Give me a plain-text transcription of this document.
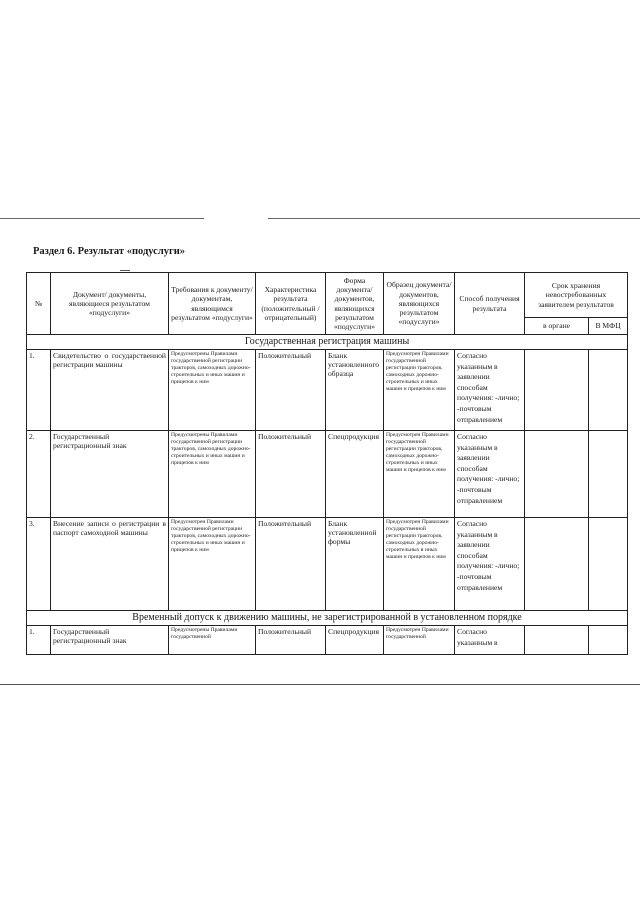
Раздел 6. Результат «подуслуги»
№	Документ/ документы, являющиеся результатом «подуслуги»	Требования к документу/ документам, являющимся результатом «подуслуги»	Характеристика результата (положительный / отрицательный)	Форма документа/ документов, являющихся результатом «подуслуги»	Образец документа/ документов, являющихся результатом «подуслуги»	Способ получения результата	Срок хранения невостребованных заявителем результатов	
							в органе	В МФЦ
Государственная регистрация машины								
1.	Свидетельство о государственной регистрации машины	Предусмотрены Правилами государственной регистрации тракторов, самоходных дорожно-строительных и иных машин и прицепов к ним	Положительный	Бланк установленного образца	Предусмотрен Правилами государственной регистрации тракторов, самоходных дорожно-строительных и иных машин и прицепов к ним	Согласно указанным в заявлении способам получения: -лично; -почтовым отправлением		
2.	Государственный регистрационный знак	Предусмотрены Правилами государственной регистрации тракторов, самоходных дорожно-строительных и иных машин и прицепов к ним	Положительный	Спецпродукция	Предусмотрен Правилами государственной регистрации тракторов, самоходных дорожно-строительных и иных машин и прицепов к ним	Согласно указанным в заявлении способам получения: -лично; -почтовым отправлением		
3.	Внесение записи о регистрации в паспорт самоходной машины	Предусмотрен Правилами государственной регистрации тракторов, самоходных дорожно-строительных и иных машин и прицепов к ним	Положительный	Бланк установленной формы	Предусмотрен Правилами государственной регистрации тракторов, самоходных дорожно-строительных в иных машин и прицепов к ним	Согласно указанным в заявлении способам получения: -лично; -почтовым отправлением		
Временный допуск к движению машины, не зарегистрированной в установленном порядке								
1.	Государственный регистрационный знак	Предусмотрены Правилами государственной	Положительный	Спецпродукция	Предусмотрен Правилами государственной	Согласно указанным в		
